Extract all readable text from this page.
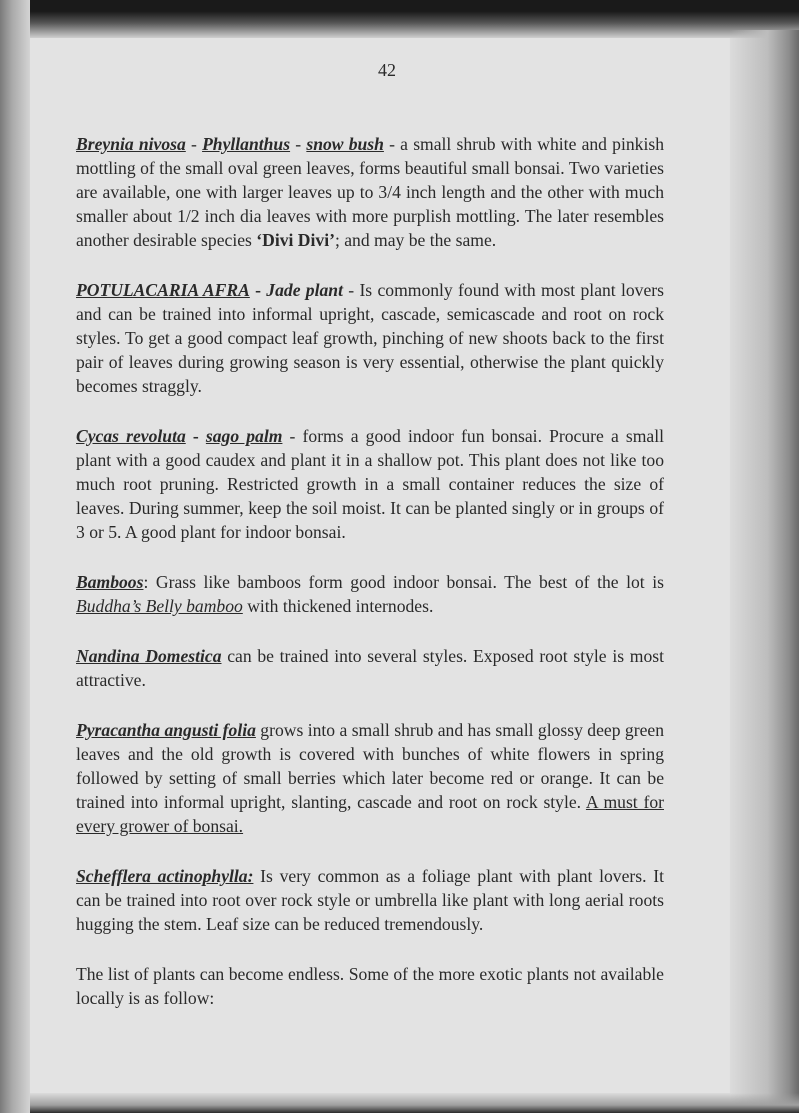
42

Breynia nivosa - Phyllanthus - snow bush - a small shrub with white and pinkish mottling of the small oval green leaves, forms beautiful small bonsai. Two varieties are available, one with larger leaves up to 3/4 inch length and the other with much smaller about 1/2 inch dia leaves with more purplish mottling. The later resembles another desirable species ‘Divi Divi’; and may be the same.

POTULACARIA AFRA - Jade plant - Is commonly found with most plant lovers and can be trained into informal upright, cascade, semicascade and root on rock styles. To get a good compact leaf growth, pinching of new shoots back to the first pair of leaves during growing season is very essential, otherwise the plant quickly becomes straggly.

Cycas revoluta - sago palm - forms a good indoor fun bonsai. Procure a small plant with a good caudex and plant it in a shallow pot. This plant does not like too much root pruning. Restricted growth in a small container reduces the size of leaves. During summer, keep the soil moist. It can be planted singly or in groups of 3 or 5. A good plant for indoor bonsai.

Bamboos: Grass like bamboos form good indoor bonsai. The best of the lot is Buddha’s Belly bamboo with thickened internodes.

Nandina Domestica can be trained into several styles. Exposed root style is most attractive.

Pyracantha angusti folia grows into a small shrub and has small glossy deep green leaves and the old growth is covered with bunches of white flowers in spring followed by setting of small berries which later become red or orange. It can be trained into informal upright, slanting, cascade and root on rock style. A must for every grower of bonsai.

Schefflera actinophylla: Is very common as a foliage plant with plant lovers. It can be trained into root over rock style or umbrella like plant with long aerial roots hugging the stem. Leaf size can be reduced tremendously.

The list of plants can become endless. Some of the more exotic plants not available locally is as follow:
